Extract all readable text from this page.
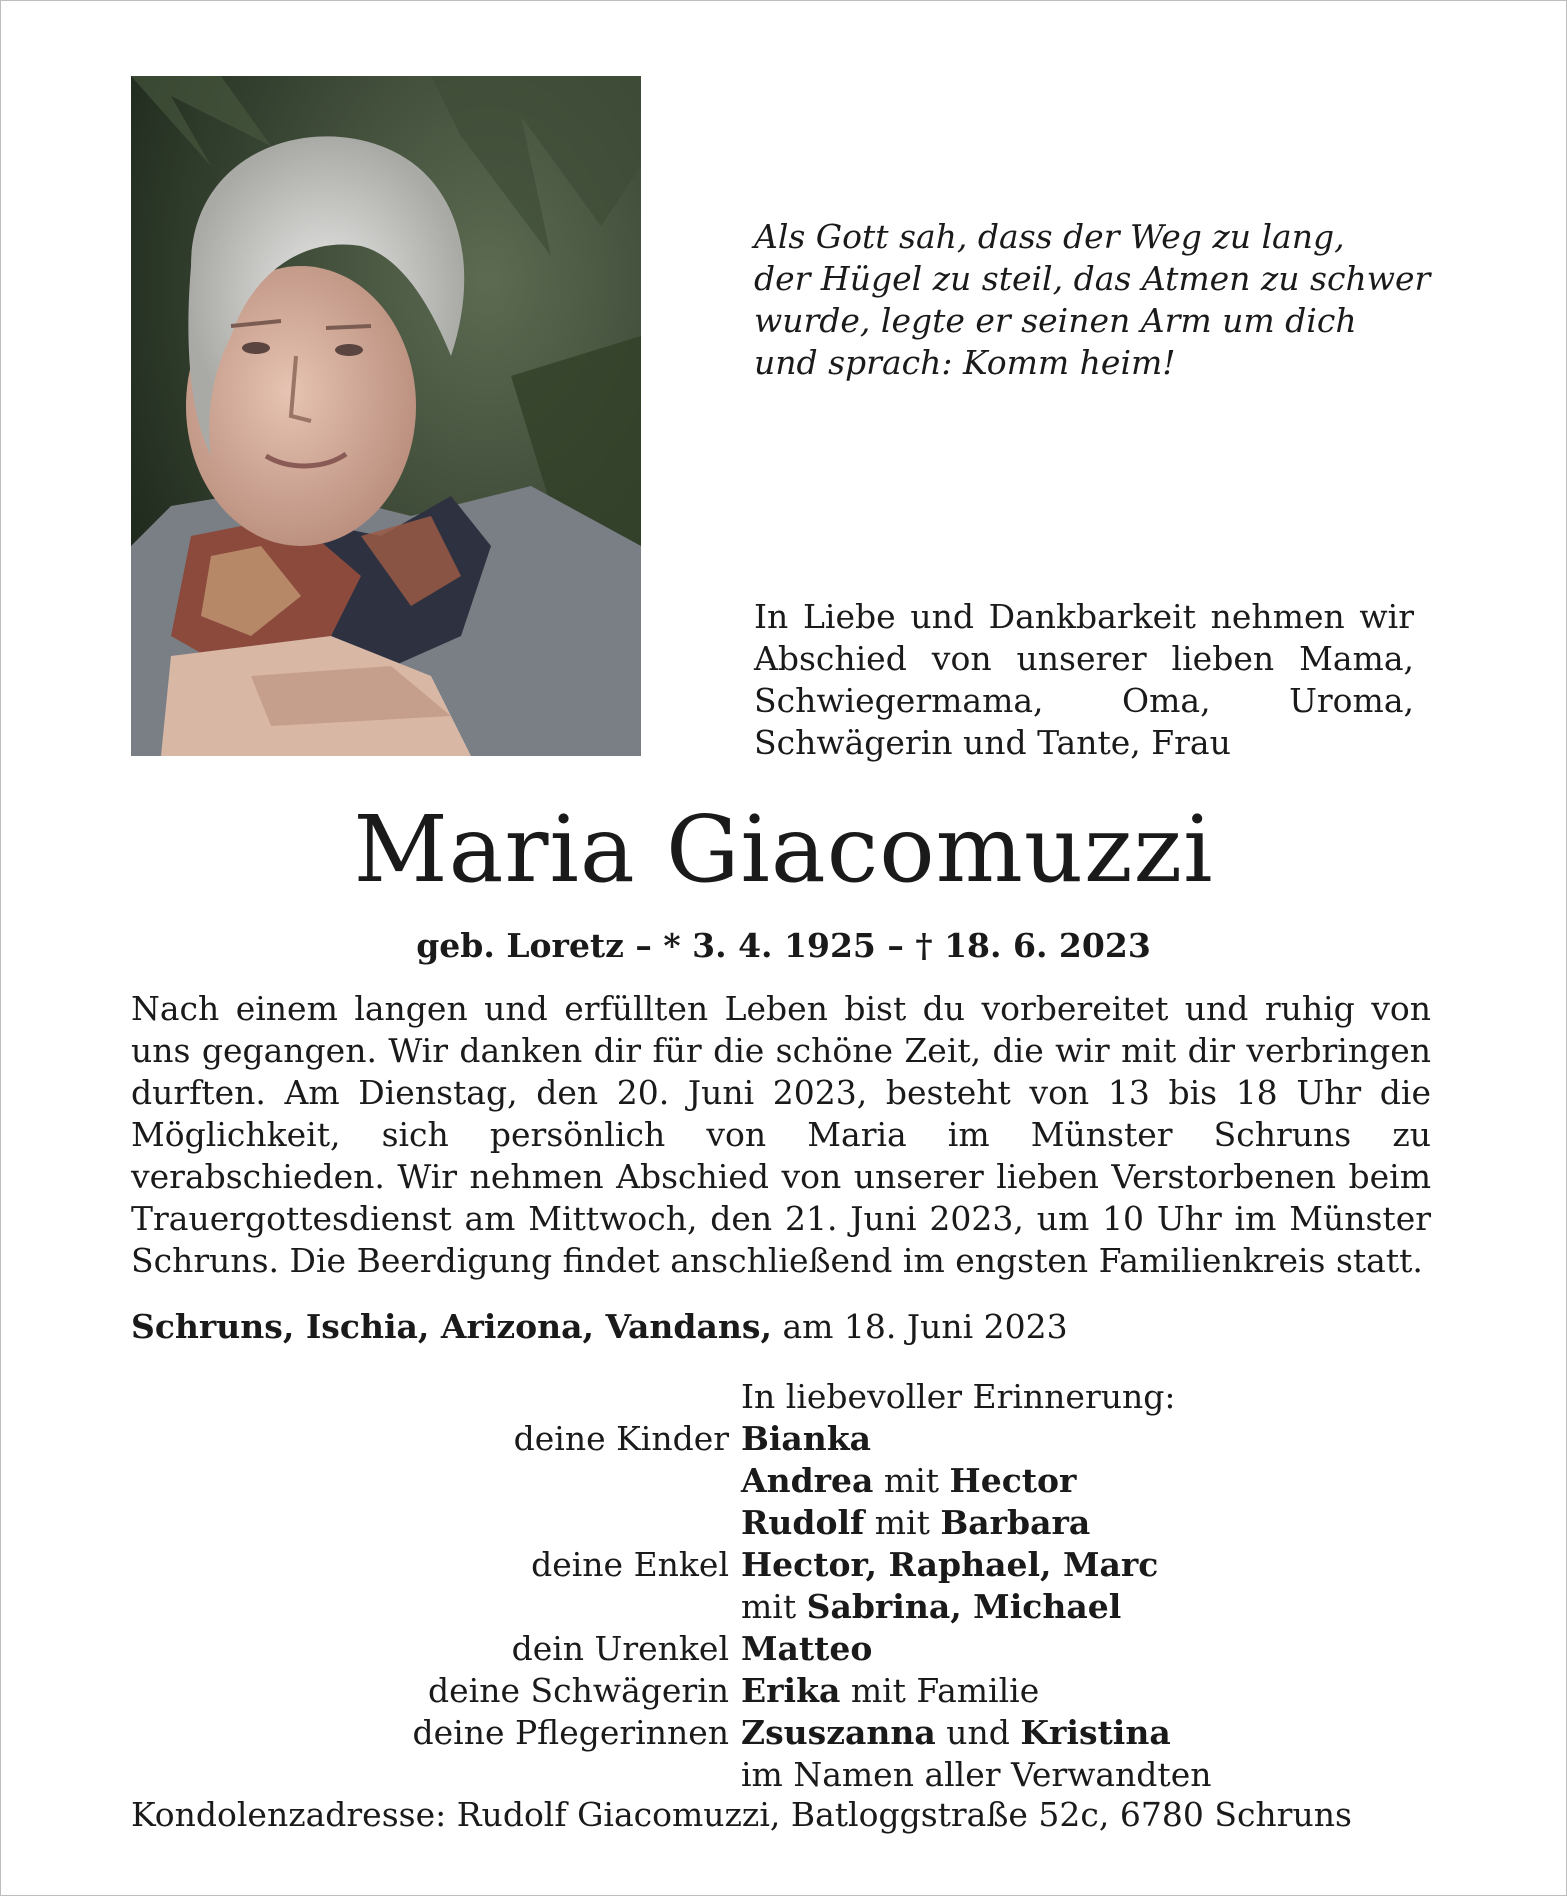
Als Gott sah, dass der Weg zu lang,
der Hügel zu steil, das Atmen zu schwer
wurde, legte er seinen Arm um dich
und sprach: Komm heim!
In Liebe und Dankbarkeit nehmen wir Abschied von unserer lieben Mama, Schwiegermama, Oma, Uroma, Schwägerin und Tante, Frau
Maria Giacomuzzi
geb. Loretz – * 3. 4. 1925 – † 18. 6. 2023
Nach einem langen und erfüllten Leben bist du vorbereitet und ruhig von uns gegangen. Wir danken dir für die schöne Zeit, die wir mit dir verbringen durften. Am Dienstag, den 20. Juni 2023, besteht von 13 bis 18 Uhr die Möglichkeit, sich persönlich von Maria im Münster Schruns zu verabschieden. Wir nehmen Abschied von unserer lieben Verstorbenen beim Trauergottesdienst am Mittwoch, den 21. Juni 2023, um 10 Uhr im Münster Schruns. Die Beerdigung findet anschließend im engsten Familienkreis statt.
Schruns, Ischia, Arizona, Vandans, am 18. Juni 2023
In liebevoller Erinnerung:
deine Kinder Bianka
Andrea mit Hector
Rudolf mit Barbara
deine Enkel Hector, Raphael, Marc
mit Sabrina, Michael
dein Urenkel Matteo
deine Schwägerin Erika mit Familie
deine Pflegerinnen Zsuszanna und Kristina
im Namen aller Verwandten
Kondolenzadresse: Rudolf Giacomuzzi, Batloggstraße 52c, 6780 Schruns
